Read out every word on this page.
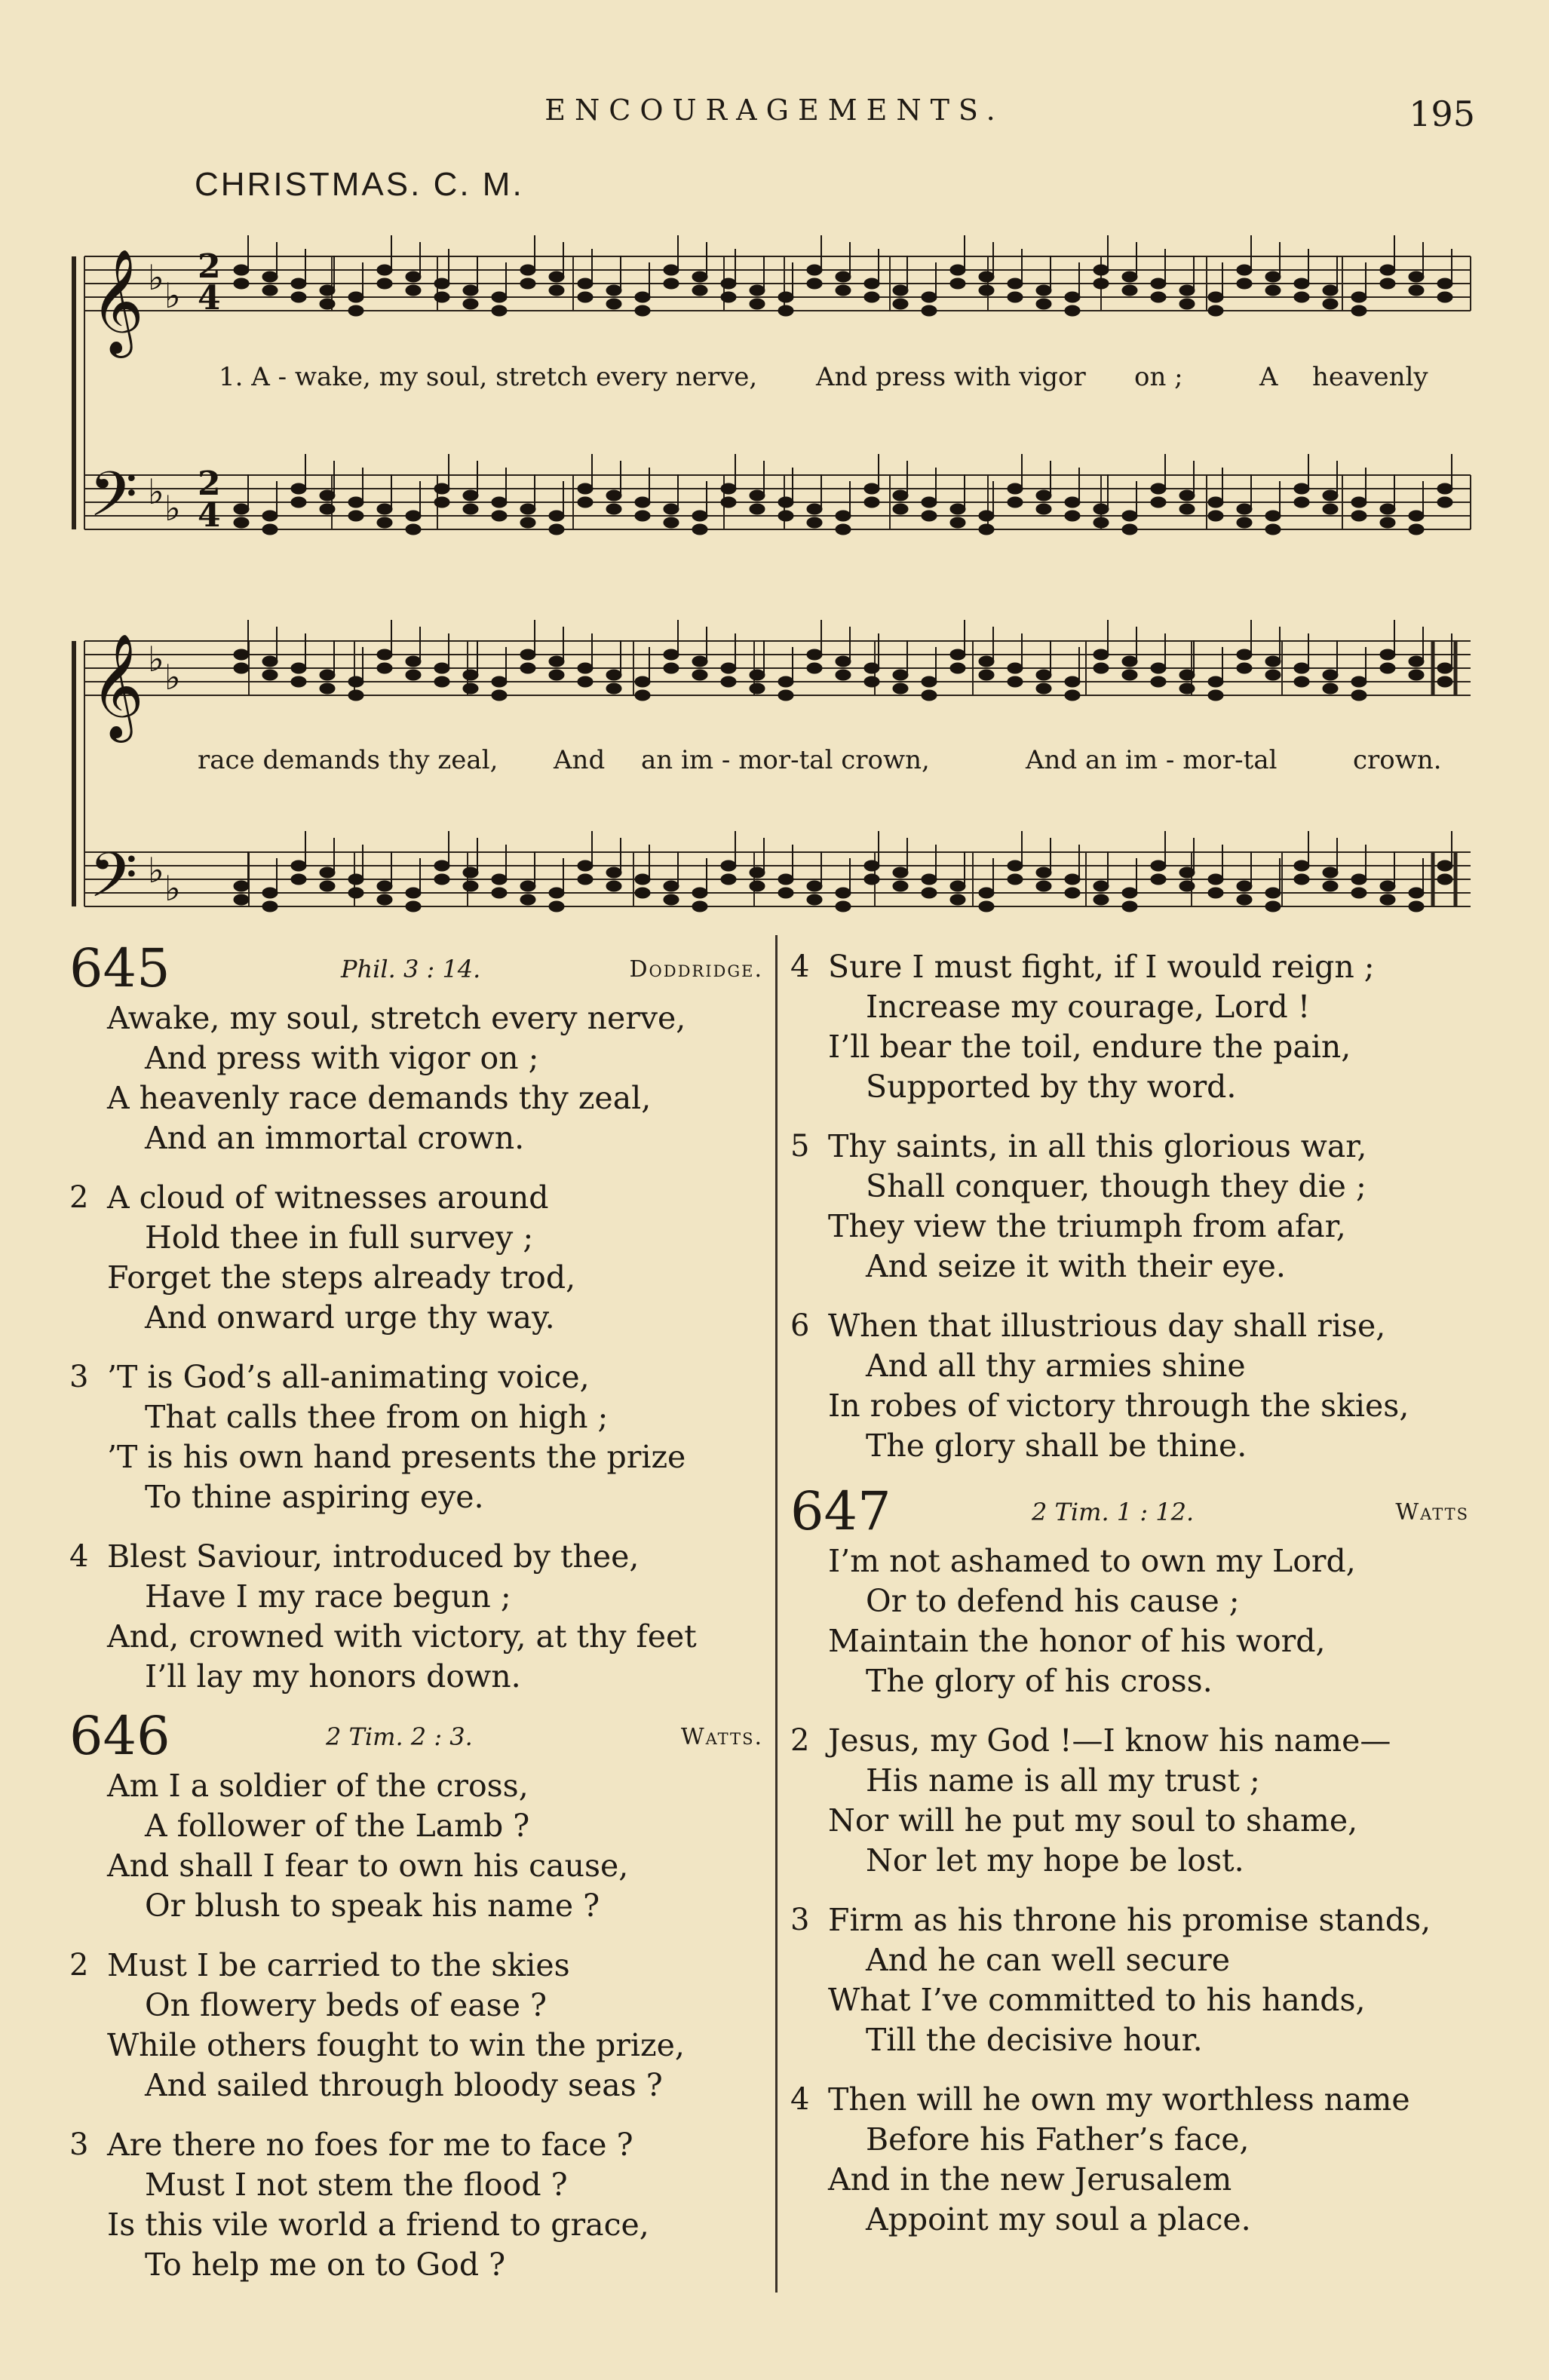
ENCOURAGEMENTS.	195
CHRISTMAS. C. M.
𝄞
𝄢
𝄞
𝄢
♭ ♭
♭ ♭
♭ ♭
♭ ♭
2
4
2
4
1. A - wake, my soul, stretch every nerve, And press with vigor on ;	A heavenly
race demands thy zeal, And an im - mor-tal crown,	And an im - mor-tal	crown.
645	Phil. 3 : 14.	Doddridge.
Awake, my soul, stretch every nerve,
And press with vigor on ;
A heavenly race demands thy zeal,
And an immortal crown.
2 A cloud of witnesses around
Hold thee in full survey ;
Forget the steps already trod,
And onward urge thy way.
3 ’T is God’s all-animating voice,
That calls thee from on high ;
’T is his own hand presents the prize
To thine aspiring eye.
4 Blest Saviour, introduced by thee,
Have I my race begun ;
And, crowned with victory, at thy feet
I’ll lay my honors down.
646	2 Tim. 2 : 3.	Watts.
Am I a soldier of the cross,
A follower of the Lamb ?
And shall I fear to own his cause,
Or blush to speak his name ?
2 Must I be carried to the skies
On flowery beds of ease ?
While others fought to win the prize,
And sailed through bloody seas ?
3 Are there no foes for me to face ?
Must I not stem the flood ?
Is this vile world a friend to grace,
To help me on to God ?
4 Sure I must fight, if I would reign ;
Increase my courage, Lord !
I’ll bear the toil, endure the pain,
Supported by thy word.
5 Thy saints, in all this glorious war,
Shall conquer, though they die ;
They view the triumph from afar,
And seize it with their eye.
6 When that illustrious day shall rise,
And all thy armies shine
In robes of victory through the skies,
The glory shall be thine.
647	2 Tim. 1 : 12.	Watts
I’m not ashamed to own my Lord,
Or to defend his cause ;
Maintain the honor of his word,
The glory of his cross.
2 Jesus, my God !—I know his name—
His name is all my trust ;
Nor will he put my soul to shame,
Nor let my hope be lost.
3 Firm as his throne his promise stands,
And he can well secure
What I’ve committed to his hands,
Till the decisive hour.
4 Then will he own my worthless name
Before his Father’s face,
And in the new Jerusalem
Appoint my soul a place.
